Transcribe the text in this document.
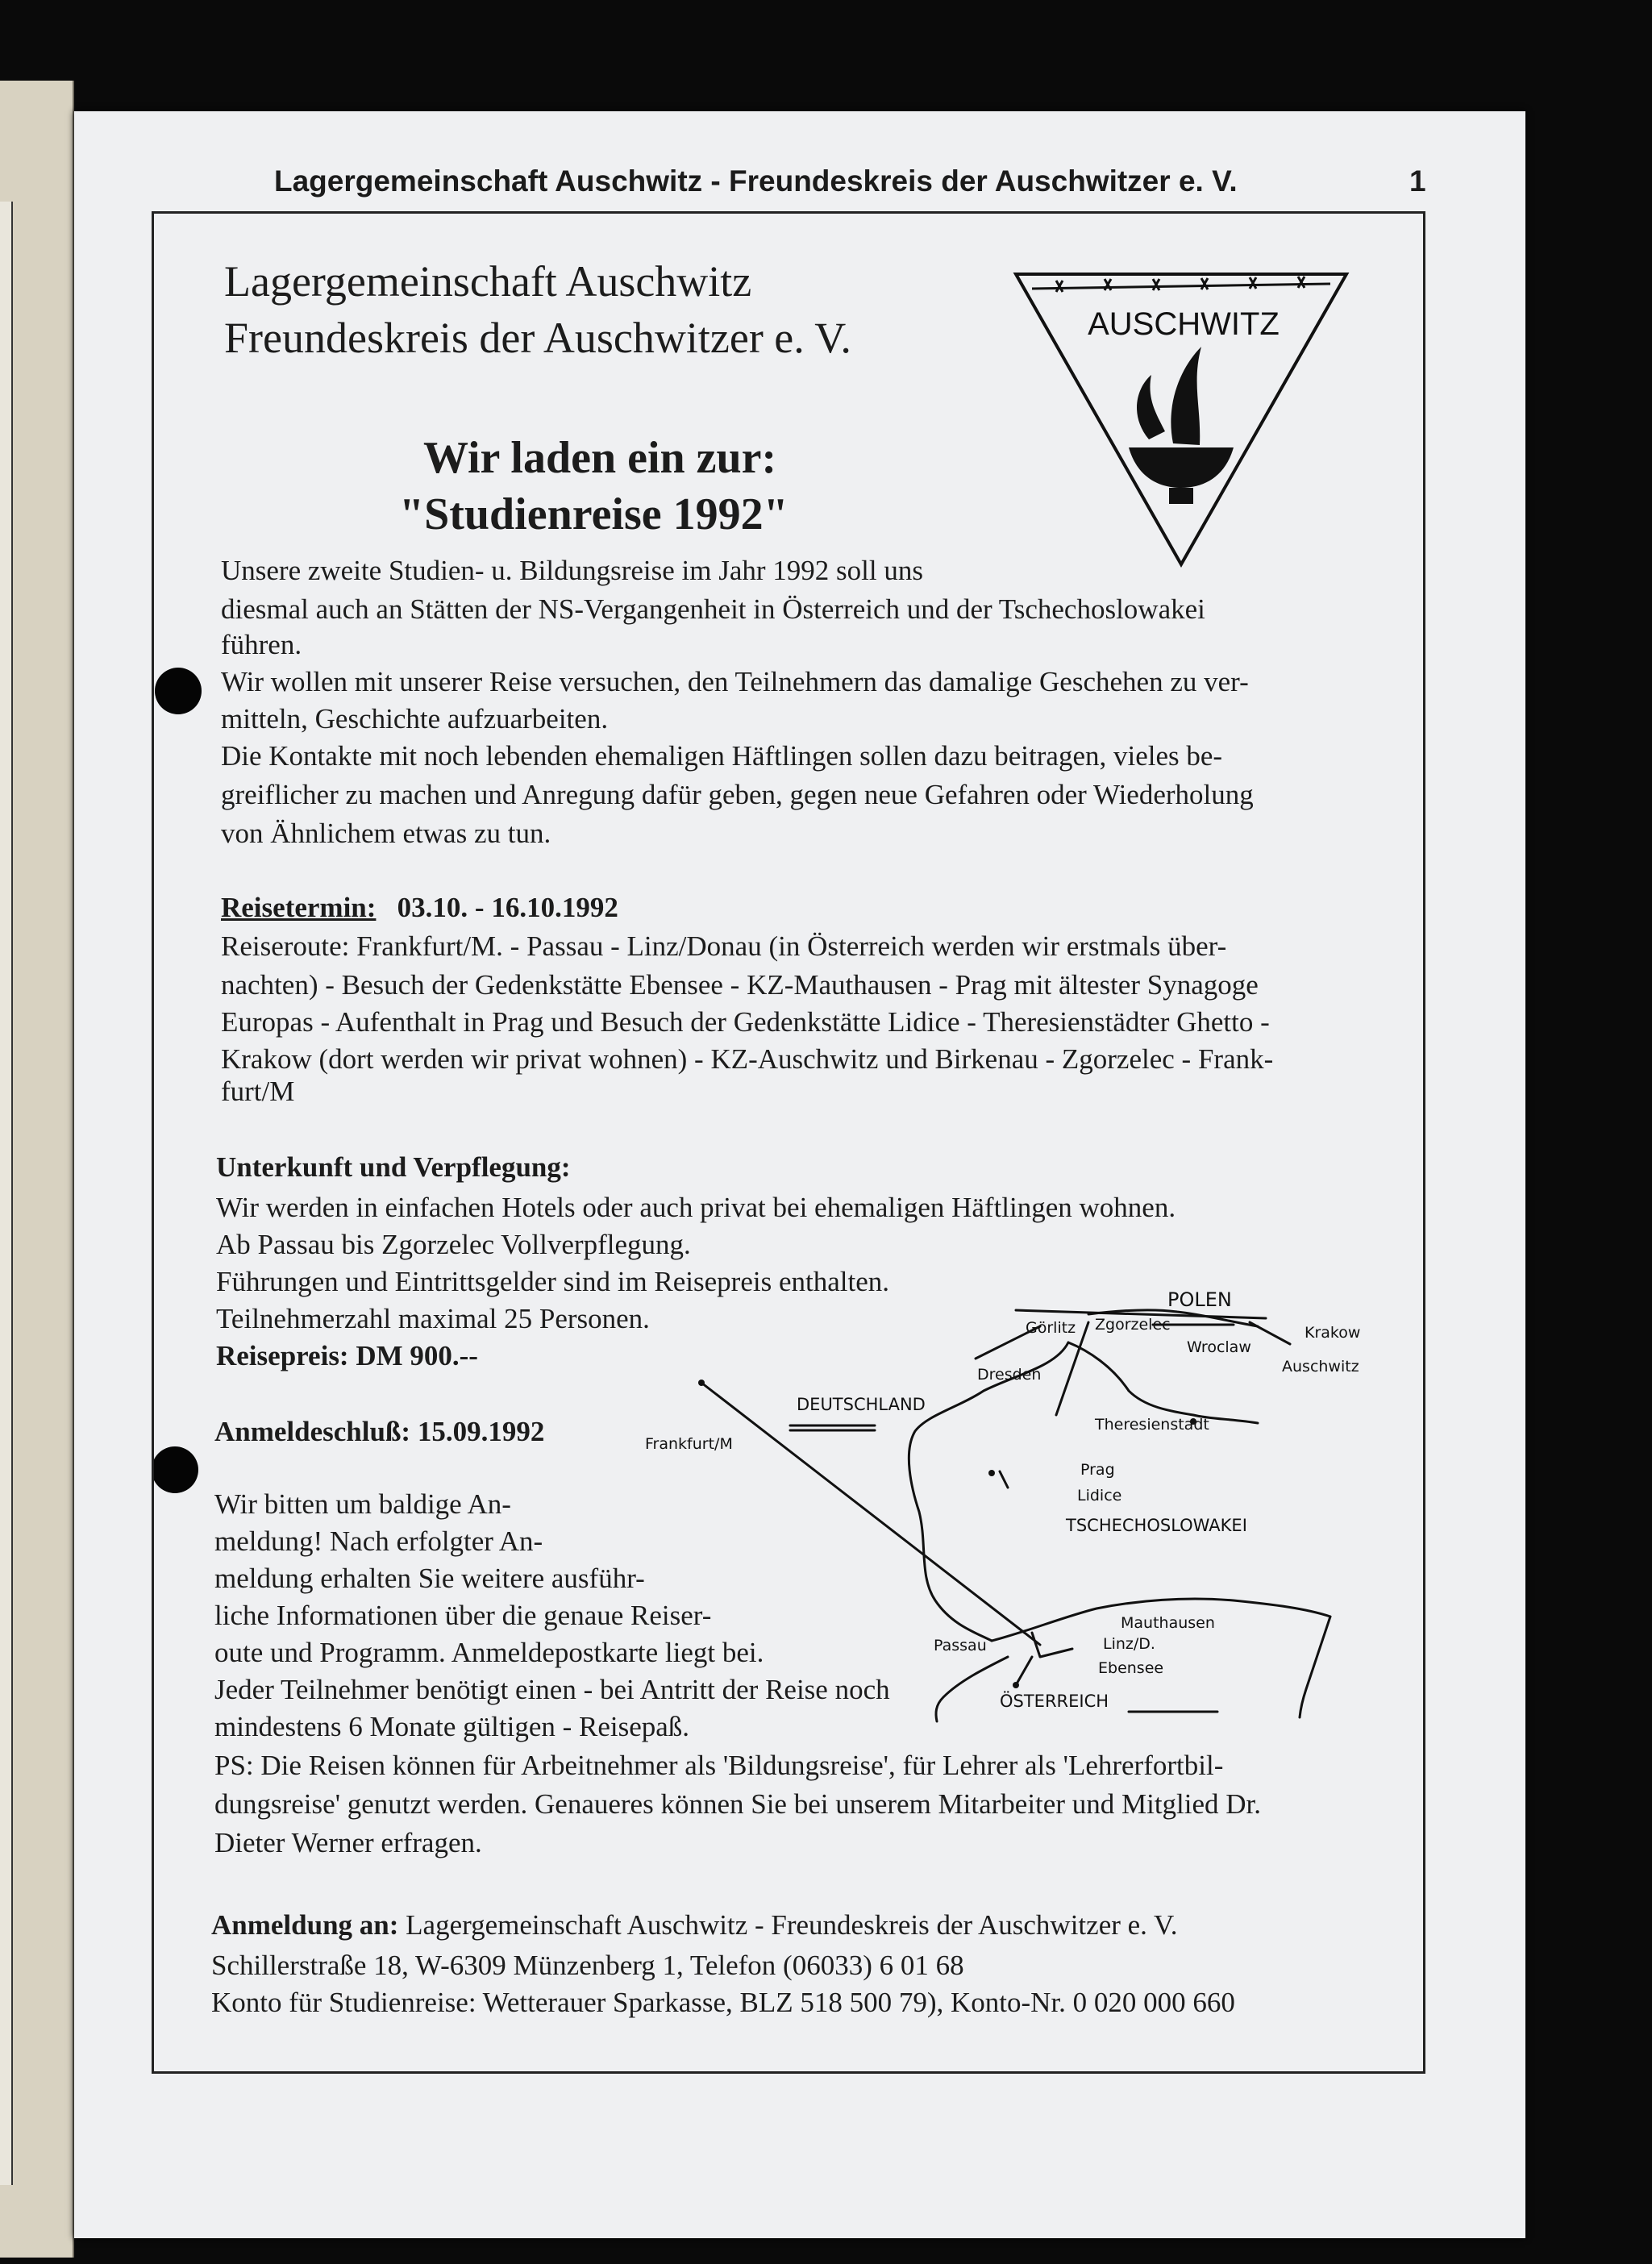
Lagergemeinschaft Auschwitz - Freundeskreis der Auschwitzer e. V.	1
Lagergemeinschaft Auschwitz
Freundeskreis der Auschwitzer e. V.	AUSCHWITZ
Wir laden ein zur:
"Studienreise 1992"
Unsere zweite Studien- u. Bildungsreise im Jahr 1992 soll uns
diesmal auch an Stätten der NS-Vergangenheit in Österreich und der Tschechoslowakei
führen.
Wir wollen mit unserer Reise versuchen, den Teilnehmern das damalige Geschehen zu ver-
mitteln, Geschichte aufzuarbeiten.
Die Kontakte mit noch lebenden ehemaligen Häftlingen sollen dazu beitragen, vieles be-
greiflicher zu machen und Anregung dafür geben, gegen neue Gefahren oder Wiederholung
von Ähnlichem etwas zu tun.
Reisetermin: 03.10. - 16.10.1992
Reiseroute: Frankfurt/M. - Passau - Linz/Donau (in Österreich werden wir erstmals über-
nachten) - Besuch der Gedenkstätte Ebensee - KZ-Mauthausen - Prag mit ältester Synagoge
Europas - Aufenthalt in Prag und Besuch der Gedenkstätte Lidice - Theresienstädter Ghetto -
Krakow (dort werden wir privat wohnen) - KZ-Auschwitz und Birkenau - Zgorzelec - Frank-
furt/M
Unterkunft und Verpflegung:
Wir werden in einfachen Hotels oder auch privat bei ehemaligen Häftlingen wohnen.
Ab Passau bis Zgorzelec Vollverpflegung.
Führungen und Eintrittsgelder sind im Reisepreis enthalten.
Teilnehmerzahl maximal 25 Personen.
Reisepreis: DM 900.--
Anmeldeschluß: 15.09.1992
Wir bitten um baldige An-
meldung! Nach erfolgter An-
meldung erhalten Sie weitere ausführ-
liche Informationen über die genaue Reiser-
oute und Programm. Anmeldepostkarte liegt bei.
Jeder Teilnehmer benötigt einen - bei Antritt der Reise noch
mindestens 6 Monate gültigen - Reisepaß.
PS: Die Reisen können für Arbeitnehmer als 'Bildungsreise', für Lehrer als 'Lehrerfortbil-
dungsreise' genutzt werden. Genaueres können Sie bei unserem Mitarbeiter und Mitglied Dr.
Dieter Werner erfragen.
Anmeldung an: Lagergemeinschaft Auschwitz - Freundeskreis der Auschwitzer e. V.
Schillerstraße 18, W-6309 Münzenberg 1, Telefon (06033) 6 01 68
Konto für Studienreise: Wetterauer Sparkasse, BLZ 518 500 79), Konto-Nr. 0 020 000 660
POLEN
Görlitz Zgorzelec	Krakow
Wroclaw
Auschwitz
Dresden
DEUTSCHLAND
Frankfurt/M
Theresienstadt
Prag
Lidice
TSCHECHOSLOWAKEI
Mauthausen
Passau	Linz/D.
Ebensee
ÖSTERREICH
